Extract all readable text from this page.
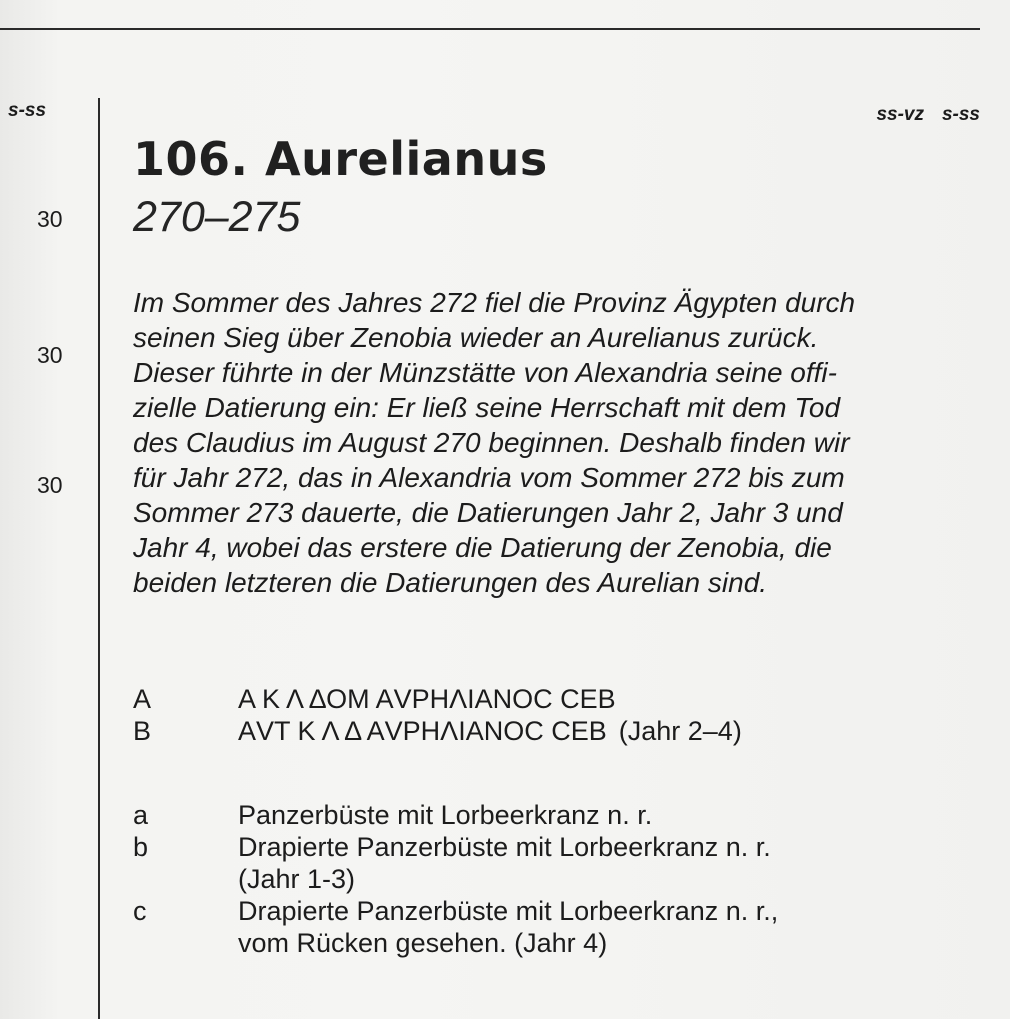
s-ss	ss-vz s-ss
30
30
30
106. Aurelianus
270–275

Im Sommer des Jahres 272 fiel die Provinz Ägypten durch
seinen Sieg über Zenobia wieder an Aurelianus zurück.
Dieser führte in der Münzstätte von Alexandria seine offi-
zielle Datierung ein: Er ließ seine Herrschaft mit dem Tod
des Claudius im August 270 beginnen. Deshalb finden wir
für Jahr 272, das in Alexandria vom Sommer 272 bis zum
Sommer 273 dauerte, die Datierungen Jahr 2, Jahr 3 und
Jahr 4, wobei das erstere die Datierung der Zenobia, die
beiden letzteren die Datierungen des Aurelian sind.

A	Α Κ Λ ΔΟΜ ΑVΡΗΛΙΑΝΟC CΕΒ
B	ΑVΤ Κ Λ Δ ΑVΡΗΛΙΑΝΟC CΕΒ (Jahr 2–4)
a	Panzerbüste mit Lorbeerkranz n. r.
b	Drapierte Panzerbüste mit Lorbeerkranz n. r.
(Jahr 1-3)
c	Drapierte Panzerbüste mit Lorbeerkranz n. r.,
vom Rücken gesehen. (Jahr 4)
